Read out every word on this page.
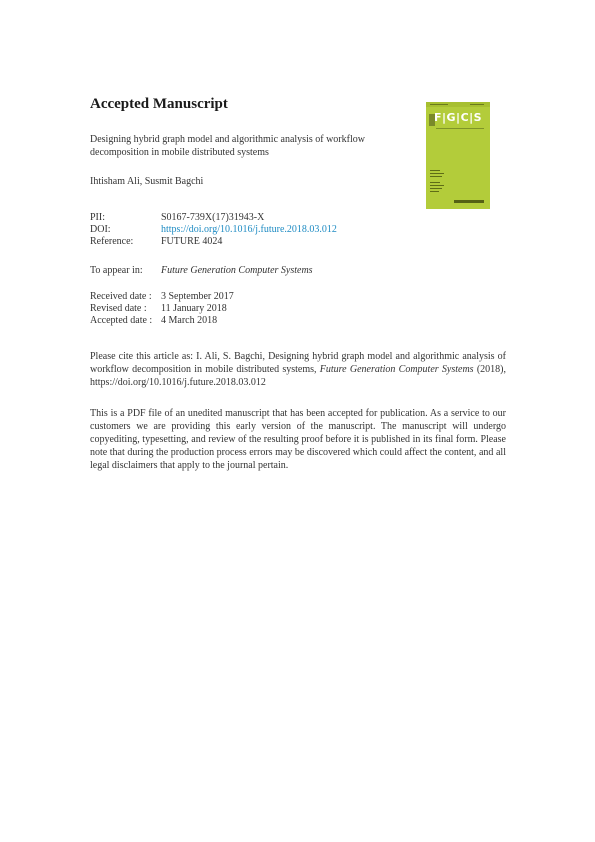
Accepted Manuscript
Designing hybrid graph model and algorithmic analysis of workflow decomposition in mobile distributed systems
Ihtisham Ali, Susmit Bagchi
PII:	S0167-739X(17)31943-X
DOI:	https://doi.org/10.1016/j.future.2018.03.012
Reference:	FUTURE 4024
To appear in:	Future Generation Computer Systems
Received date : 3 September 2017
Revised date :	11 January 2018
Accepted date : 4 March 2018
Please cite this article as: I. Ali, S. Bagchi, Designing hybrid graph model and algorithmic analysis of workflow decomposition in mobile distributed systems, Future Generation Computer Systems (2018), https://doi.org/10.1016/j.future.2018.03.012
This is a PDF file of an unedited manuscript that has been accepted for publication. As a service to our customers we are providing this early version of the manuscript. The manuscript will undergo copyediting, typesetting, and review of the resulting proof before it is published in its final form. Please note that during the production process errors may be discovered which could affect the content, and all legal disclaimers that apply to the journal pertain.
F|G|C|S
